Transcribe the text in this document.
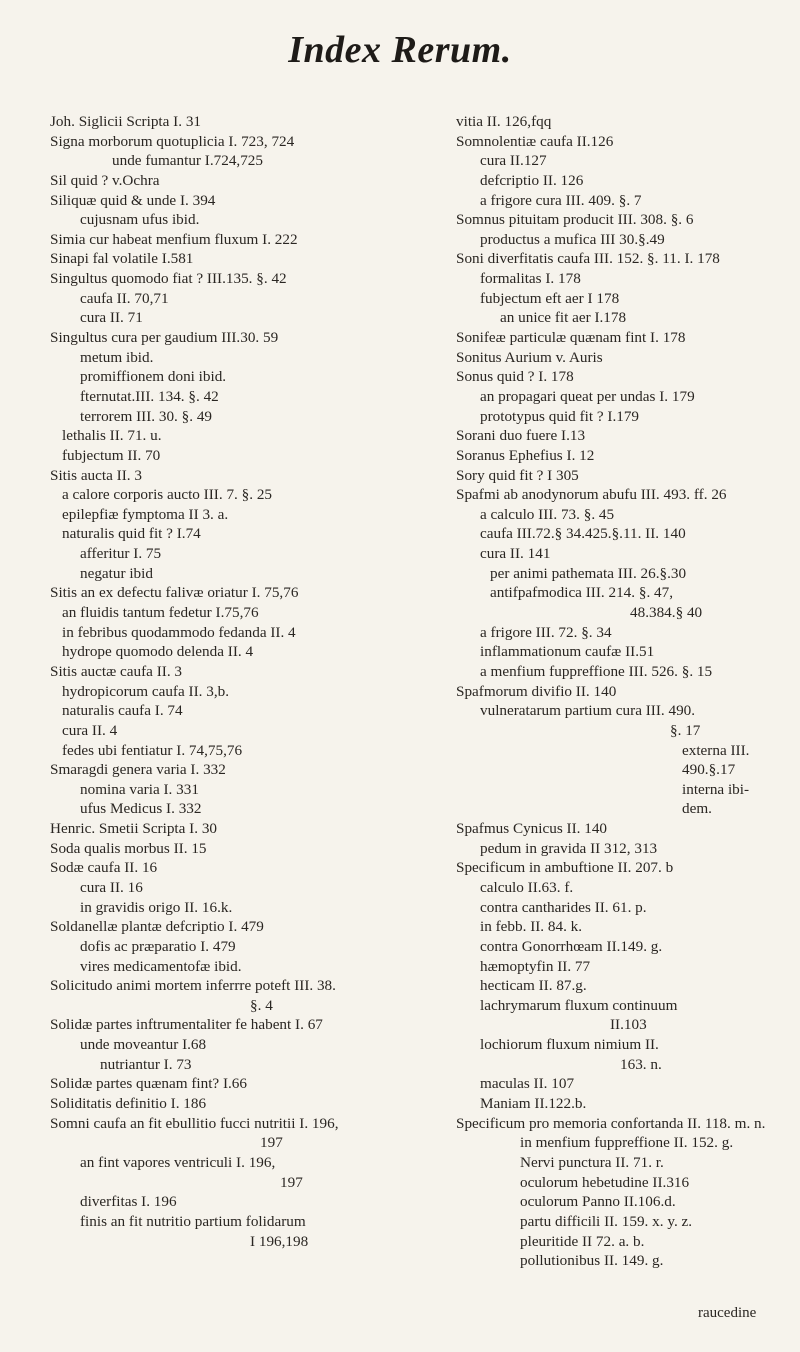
Index Rerum.
Joh. Siglicii Scripta I. 31
Signa morborum quotuplicia I. 723, 724
unde fumantur I.724,725
Sil quid ? v.Ochra
Siliquæ quid & unde I. 394
cujusnam ufus ibid.
Simia cur habeat menfium fluxum I. 222
Sinapi fal volatile I.581
Singultus quomodo fiat ? III.135. §. 42
caufa II. 70,71
cura II. 71
Singultus cura per gaudium III.30. 59
metum ibid.
promiffionem doni ibid.
fternutat.III. 134. §. 42
terrorem III. 30. §. 49
lethalis II. 71. u.
fubjectum II. 70
Sitis aucta II. 3
a calore corporis aucto III. 7. §. 25
epilepfiæ fymptoma II 3. a.
naturalis quid fit ? I.74
afferitur I. 75
negatur ibid
Sitis an ex defectu falivæ oriatur I. 75,76
an fluidis tantum fedetur I.75,76
in febribus quodammodo fedanda II. 4
hydrope quomodo delenda II. 4
Sitis auctæ caufa II. 3
hydropicorum caufa II. 3,b.
naturalis caufa I. 74
cura II. 4
fedes ubi fentiatur I. 74,75,76
Smaragdi genera varia I. 332
nomina varia I. 331
ufus Medicus I. 332
Henric. Smetii Scripta I. 30
Soda qualis morbus II. 15
Sodæ caufa II. 16
cura II. 16
in gravidis origo II. 16.k.
Soldanellæ plantæ defcriptio I. 479
dofis ac præparatio I. 479
vires medicamentofæ ibid.
Solicitudo animi mortem inferrre poteft III. 38.
§. 4
Solidæ partes inftrumentaliter fe habent I. 67
unde moveantur I.68
nutriantur I. 73
Solidæ partes quænam fint? I.66
Soliditatis definitio I. 186
Somni caufa an fit ebullitio fucci nutritii I. 196,
197
an fint vapores ventriculi I. 196,
197
diverfitas I. 196
finis an fit nutritio partium folidarum
I 196,198
vitia II. 126,fqq
Somnolentiæ caufa II.126
cura II.127
defcriptio II. 126
a frigore cura III. 409. §. 7
Somnus pituitam producit III. 308. §. 6
productus a mufica III 30.§.49
Soni diverfitatis caufa III. 152. §. 11. I. 178
formalitas I. 178
fubjectum eft aer I 178
an unice fit aer I.178
Sonifeæ particulæ quænam fint I. 178
Sonitus Aurium v. Auris
Sonus quid ? I. 178
an propagari queat per undas I. 179
prototypus quid fit ? I.179
Sorani duo fuere I.13
Soranus Ephefius I. 12
Sory quid fit ? I 305
Spafmi ab anodynorum abufu III. 493. ff. 26
a calculo III. 73. §. 45
caufa III.72.§ 34.425.§.11. II. 140
cura II. 141
per animi pathemata III. 26.§.30
antifpafmodica III. 214. §. 47,
48.384.§ 40
a frigore III. 72. §. 34
inflammationum caufæ II.51
a menfium fuppreffione III. 526. §. 15
Spafmorum divifio II. 140
vulneratarum partium cura III. 490.
§. 17
externa III.
490.§.17
interna ibi-
dem.
Spafmus Cynicus II. 140
pedum in gravida II 312, 313
Specificum in ambuftione II. 207. b
calculo II.63. f.
contra cantharides II. 61. p.
in febb. II. 84. k.
contra Gonorrhœam II.149. g.
hæmoptyfin II. 77
hecticam II. 87.g.
lachrymarum fluxum continuum
II.103
lochiorum fluxum nimium II.
163. n.
maculas II. 107
Maniam II.122.b.
Specificum pro memoria confortanda II. 118. m. n.
in menfium fuppreffione II. 152. g.
Nervi punctura II. 71. r.
oculorum hebetudine II.316
oculorum Panno II.106.d.
partu difficili II. 159. x. y. z.
pleuritide II 72. a. b.
pollutionibus II. 149. g.
raucedine
